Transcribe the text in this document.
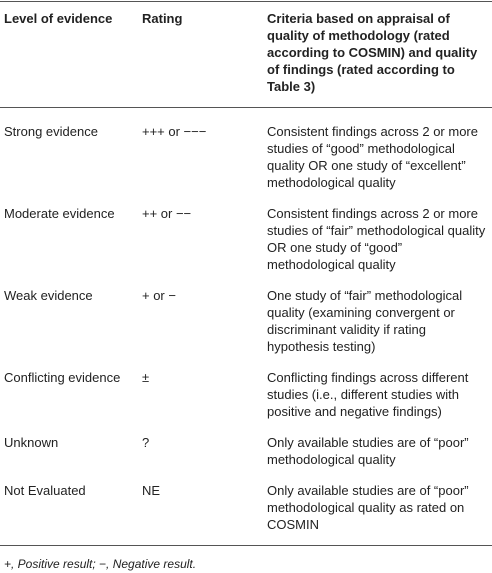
Level of evidence	Rating	Criteria based on appraisal of quality of methodology (rated according to COSMIN) and quality of findings (rated according to Table 3)
Strong evidence	+++ or −−−	Consistent findings across 2 or more studies of “good” methodological quality OR one study of “excellent” methodological quality
Moderate evidence	++ or −−	Consistent findings across 2 or more studies of “fair” methodological quality OR one study of “good” methodological quality
Weak evidence	+ or −	One study of “fair” methodological quality (examining convergent or discriminant validity if rating hypothesis testing)
Conflicting evidence	±	Conflicting findings across different studies (i.e., different studies with positive and negative findings)
Unknown	?	Only available studies are of “poor” methodological quality
Not Evaluated	NE	Only available studies are of “poor” methodological quality as rated on COSMIN
+, Positive result; −, Negative result.
